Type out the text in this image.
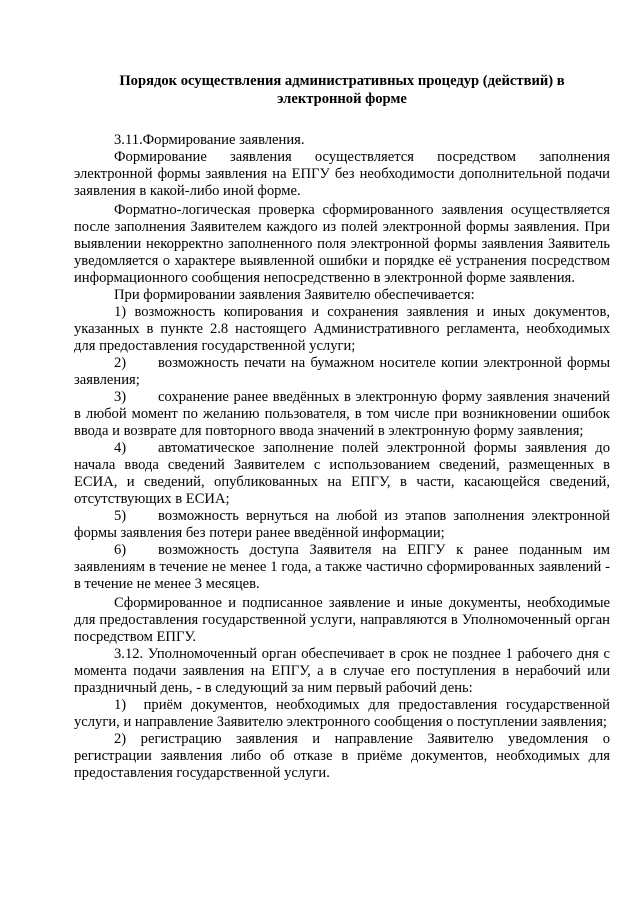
Порядок осуществления административных процедур (действий) в электронной форме

3.11.Формирование заявления.

Формирование заявления осуществляется посредством заполнения электронной формы заявления на ЕПГУ без необходимости дополнительной подачи заявления в какой-либо иной форме.

Форматно-логическая проверка сформированного заявления осуществляется после заполнения Заявителем каждого из полей электронной формы заявления. При выявлении некорректно заполненного поля электронной формы заявления Заявитель уведомляется о характере выявленной ошибки и порядке её устранения посредством информационного сообщения непосредственно в электронной форме заявления.

При формировании заявления Заявителю обеспечивается:

1) возможность копирования и сохранения заявления и иных документов, указанных в пункте 2.8 настоящего Административного регламента, необходимых для предоставления государственной услуги;

2) возможность печати на бумажном носителе копии электронной формы заявления;

3) сохранение ранее введённых в электронную форму заявления значений в любой момент по желанию пользователя, в том числе при возникновении ошибок ввода и возврате для повторного ввода значений в электронную форму заявления;

4) автоматическое заполнение полей электронной формы заявления до начала ввода сведений Заявителем с использованием сведений, размещенных в ЕСИА, и сведений, опубликованных на ЕПГУ, в части, касающейся сведений, отсутствующих в ЕСИА;

5) возможность вернуться на любой из этапов заполнения электронной формы заявления без потери ранее введённой информации;

6) возможность доступа Заявителя на ЕПГУ к ранее поданным им заявлениям в течение не менее 1 года, а также частично сформированных заявлений - в течение не менее 3 месяцев.

Сформированное и подписанное заявление и иные документы, необходимые для предоставления государственной услуги, направляются в Уполномоченный орган посредством ЕПГУ.

3.12. Уполномоченный орган обеспечивает в срок не позднее 1 рабочего дня с момента подачи заявления на ЕПГУ, а в случае его поступления в нерабочий или праздничный день, - в следующий за ним первый рабочий день:

1) приём документов, необходимых для предоставления государственной услуги, и направление Заявителю электронного сообщения о поступлении заявления;

2) регистрацию заявления и направление Заявителю уведомления о регистрации заявления либо об отказе в приёме документов, необходимых для предоставления государственной услуги.
